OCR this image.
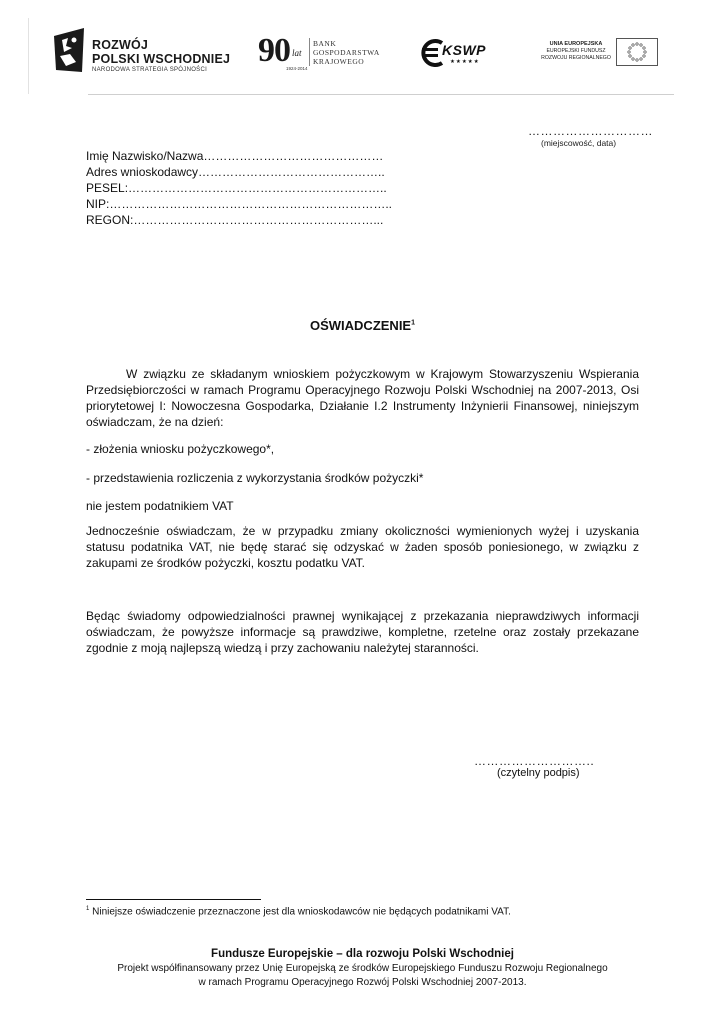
ROZWÓJ
POLSKI WSCHODNIEJ
NARODOWA STRATEGIA SPÓJNOŚCI
90 lat
1924-2014
BANK
GOSPODARSTWA
KRAJOWEGO
KSWP
★★★★★
UNIA EUROPEJSKA
EUROPEJSKI FUNDUSZ
ROZWOJU REGIONALNEGO
…………………………
(miejscowość, data)
Imię Nazwisko/Nazwa………………………………………
Adres wnioskodawcy………………………………………..
PESEL:………………………………………………………..
NIP:……………………………………………………………..
REGON:……………………………………………………...
OŚWIADCZENIE$^1$
W związku ze składanym wnioskiem pożyczkowym w Krajowym Stowarzyszeniu Wspierania Przedsiębiorczości w ramach Programu Operacyjnego Rozwoju Polski Wschodniej na 2007-2013, Osi priorytetowej I: Nowoczesna Gospodarka, Działanie I.2 Instrumenty Inżynierii Finansowej, niniejszym oświadczam, że na dzień:
- złożenia wniosku pożyczkowego*,
- przedstawienia rozliczenia z wykorzystania środków pożyczki*
nie jestem podatnikiem VAT
Jednocześnie oświadczam, że w przypadku zmiany okoliczności wymienionych wyżej i uzyskania statusu podatnika VAT, nie będę starać się odzyskać w żaden sposób poniesionego, w związku z zakupami ze środków pożyczki, kosztu podatku VAT.
Będąc świadomy odpowiedzialności prawnej wynikającej z przekazania nieprawdziwych informacji oświadczam, że powyższe informacje są prawdziwe, kompletne, rzetelne oraz zostały przekazane zgodnie z moją najlepszą wiedzą i przy zachowaniu należytej staranności.
………………………..
(czytelny podpis)
$^1$ Niniejsze oświadczenie przeznaczone jest dla wnioskodawców nie będących podatnikami VAT.
Fundusze Europejskie – dla rozwoju Polski Wschodniej
Projekt współfinansowany przez Unię Europejską ze środków Europejskiego Funduszu Rozwoju Regionalnego
w ramach Programu Operacyjnego Rozwój Polski Wschodniej 2007-2013.
